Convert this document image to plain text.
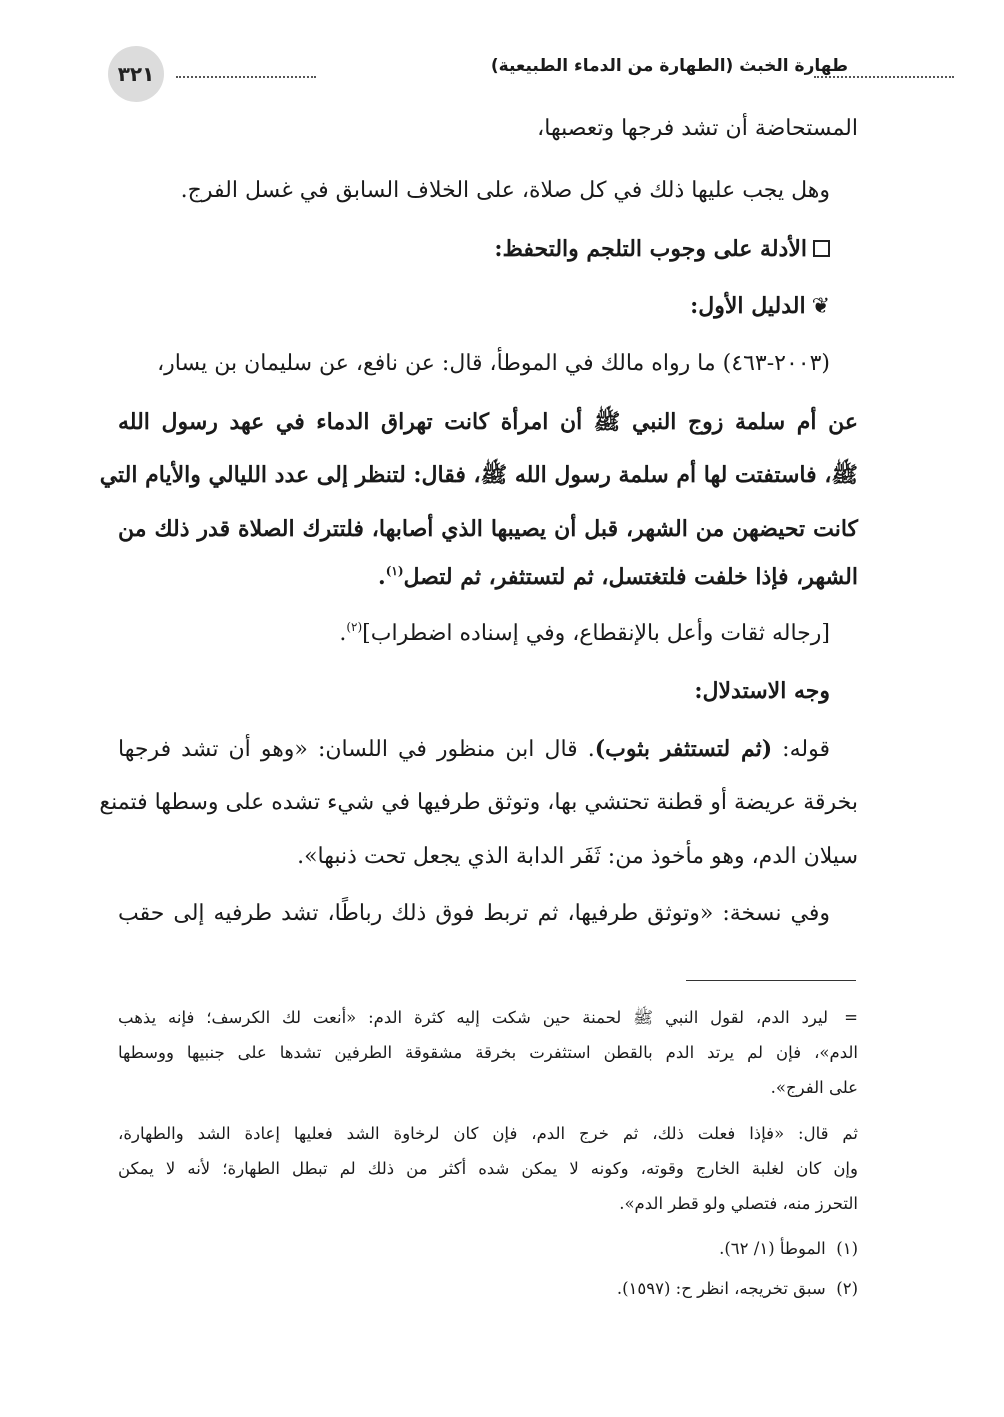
٣٢١	طهارة الخبث (الطهارة من الدماء الطبيعية)
المستحاضة أن تشد فرجها وتعصبها،
وهل يجب عليها ذلك في كل صلاة، على الخلاف السابق في غسل الفرج.
الأدلة على وجوب التلجم والتحفظ:
❦الدليل الأول:
(٢٠٠٣-٤٦٣) ما رواه مالك في الموطأ، قال: عن نافع، عن سليمان بن يسار،
عن أم سلمة زوج النبي ﷺ أن امرأة كانت تهراق الدماء في عهد رسول الله
ﷺ، فاستفتت لها أم سلمة رسول الله ﷺ، فقال: لتنظر إلى عدد الليالي والأيام التي
كانت تحيضهن من الشهر، قبل أن يصيبها الذي أصابها، فلتترك الصلاة قدر ذلك من
الشهر، فإذا خلفت فلتغتسل، ثم لتستثفر، ثم لتصل$^{(١)}$.
[رجاله ثقات وأعل بالإنقطاع، وفي إسناده اضطراب]$^{(٢)}$.
وجه الاستدلال:
قوله: (ثم لتستثفر بثوب). قال ابن منظور في اللسان: «وهو أن تشد فرجها
بخرقة عريضة أو قطنة تحتشي بها، وتوثق طرفيها في شيء تشده على وسطها فتمنع
سيلان الدم، وهو مأخوذ من: ثَفَر الدابة الذي يجعل تحت ذنبها».
وفي نسخة: «وتوثق طرفيها، ثم تربط فوق ذلك رباطًا، تشد طرفيه إلى حقب
=ليرد الدم، لقول النبي ﷺ لحمنة حين شكت إليه كثرة الدم: «أنعت لك الكرسف؛ فإنه يذهب
الدم»، فإن لم يرتد الدم بالقطن استثفرت بخرقة مشقوقة الطرفين تشدها على جنبيها ووسطها
على الفرج».
ثم قال: «فإذا فعلت ذلك، ثم خرج الدم، فإن كان لرخاوة الشد فعليها إعادة الشد والطهارة،
وإن كان لغلبة الخارج وقوته، وكونه لا يمكن شده أكثر من ذلك لم تبطل الطهارة؛ لأنه لا يمكن
التحرز منه، فتصلي ولو قطر الدم».
(١)  الموطأ (١/ ٦٢).
(٢)  سبق تخريجه، انظر ح: (١٥٩٧).
